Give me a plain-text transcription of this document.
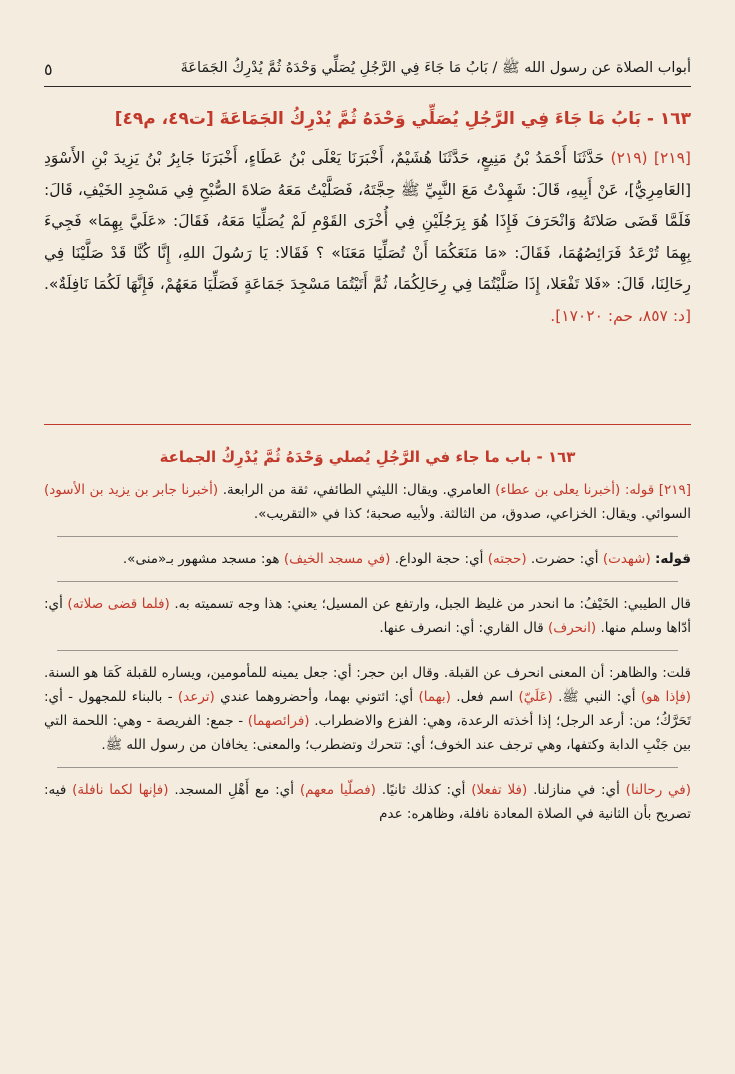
أبواب الصلاة عن رسول الله ﷺ / بَابُ مَا جَاءَ فِي الرَّجُلِ يُصَلِّي وَحْدَهُ ثُمَّ يُدْرِكُ الجَمَاعَةَ
٥
١٦٣ - بَابُ مَا جَاءَ فِي الرَّجُلِ يُصَلِّي وَحْدَهُ ثُمَّ يُدْرِكُ الجَمَاعَةَ [ت٤٩، م٤٩]

[٢١٩] (٢١٩) حَدَّثَنَا أَحْمَدُ بْنُ مَنِيعٍ، حَدَّثَنَا هُشَيْمٌ، أَخْبَرَنَا يَعْلَى بْنُ عَطَاءٍ، أَخْبَرَنَا جَابِرُ بْنُ يَزِيدَ بْنِ الأَسْوَدِ [العَامِرِيُّ]، عَنْ أَبِيهِ، قَالَ: شَهِدْتُ مَعَ النَّبِيِّ ﷺ حِجَّتَهُ، فَصَلَّيْتُ مَعَهُ صَلاةَ الصُّبْحِ فِي مَسْجِدِ الخَيْفِ، قَالَ: فَلَمَّا قَضَى صَلاتَهُ وَانْحَرَفَ فَإِذَا هُوَ بِرَجُلَيْنِ فِي أُخْرَى القَوْمِ لَمْ يُصَلِّيَا مَعَهُ، فَقَالَ: «عَلَيَّ بِهِمَا» فَجِيءَ بِهِمَا تُرْعَدُ فَرَائِصُهُمَا، فَقَالَ: «مَا مَنَعَكُمَا أَنْ تُصَلِّيَا مَعَنَا» ؟ فَقَالا: يَا رَسُولَ اللهِ، إِنَّا كُنَّا قَدْ صَلَّيْنَا فِي رِحَالِنَا، قَالَ: «فَلا تَفْعَلا، إِذَا صَلَّيْتُمَا فِي رِحَالِكُمَا، ثُمَّ أَتَيْتُمَا مَسْجِدَ جَمَاعَةٍ فَصَلِّيَا مَعَهُمْ، فَإِنَّهَا لَكُمَا نَافِلَةٌ». [د: ٨٥٧، حم: ١٧٠٢٠].

١٦٣ - باب ما جاء في الرَّجُلِ يُصلي وَحْدَهُ ثُمَّ يُدْرِكُ الجماعة

[٢١٩] قوله: (أخبرنا يعلى بن عطاء) العامري. ويقال: الليثي الطائفي، ثقة من الرابعة. (أخبرنا جابر بن يزيد بن الأسود) السوائي. ويقال: الخزاعي، صدوق، من الثالثة. ولأبيه صحبة؛ كذا في «التقريب».

قوله: (شهدت) أي: حضرت. (حجته) أي: حجة الوداع. (في مسجد الخيف) هو: مسجد مشهور بـ«منى».

قال الطيبي: الخَيْفُ: ما انحدر من غليظ الجبل، وارتفع عن المسيل؛ يعني: هذا وجه تسميته به. (فلما قضى صلاته) أي: أدّاها وسلم منها. (انحرف) قال القاري: أي: انصرف عنها.

قلت: والظاهر: أن المعنى انحرف عن القبلة. وقال ابن حجر: أي: جعل يمينه للمأمومين، ويساره للقبلة كَمَا هو السنة. (فإذا هو) أي: النبي ﷺ. (عَلَيّ) اسم فعل. (بهما) أي: ائتوني بهما، وأحضروهما عندي (ترعد) - بالبناء للمجهول - أي: تَحَرَّكُ؛ من: أرعد الرجل؛ إذا أخذته الرعدة، وهي: الفزع والاضطراب. (فرائصهما) - جمع: الفريصة - وهي: اللحمة التي بين جَنْبِ الدابة وكتفها، وهي ترجف عند الخوف؛ أي: تتحرك وتضطرب؛ والمعنى: يخافان من رسول الله ﷺ.

(في رحالنا) أي: في منازلنا. (فلا تفعلا) أي: كذلك ثانيًا. (فصلّيا معهم) أي: مع أَهْلِ المسجد. (فإنها لكما نافلة) فيه: تصريح بأن الثانية في الصلاة المعادة نافلة، وظاهره: عدم
